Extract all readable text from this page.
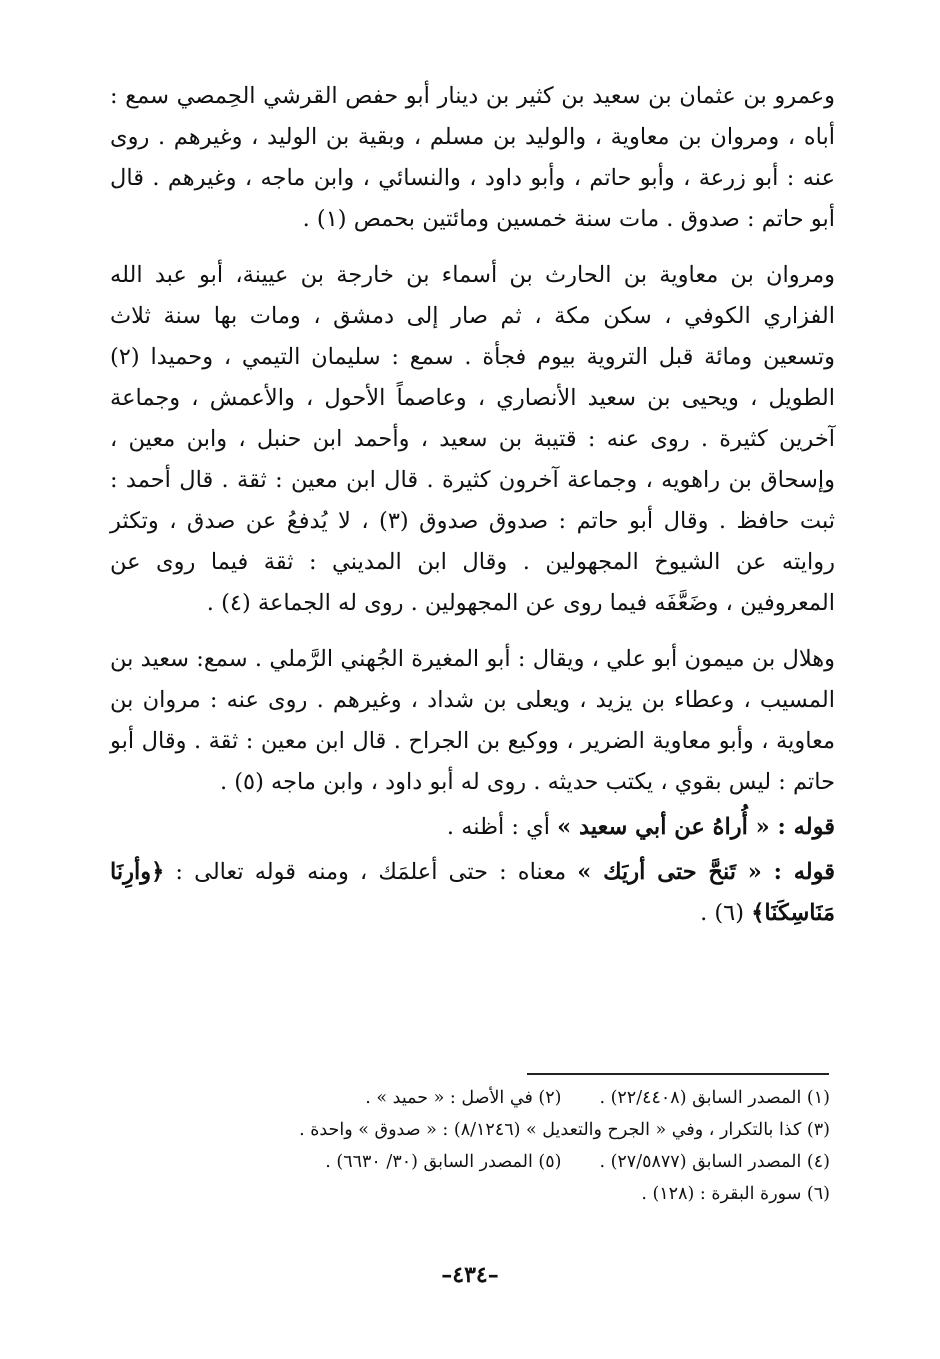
وعمرو بن عثمان بن سعيد بن كثير بن دينار أبو حفص القرشي الحِمصي سمع : أباه ، ومروان بن معاوية ، والوليد بن مسلم ، وبقية بن الوليد ، وغيرهم . روى عنه : أبو زرعة ، وأبو حاتم ، وأبو داود ، والنسائي ، وابن ماجه ، وغيرهم . قال أبو حاتم : صدوق . مات سنة خمسين ومائتين بحمص (١) .

ومروان بن معاوية بن الحارث بن أسماء بن خارجة بن عيينة، أبو عبد الله الفزاري الكوفي ، سكن مكة ، ثم صار إلى دمشق ، ومات بها سنة ثلاث وتسعين ومائة قبل التروية بيوم فجأة . سمع : سليمان التيمي ، وحميدا (٢) الطويل ، ويحيى بن سعيد الأنصاري ، وعاصماً الأحول ، والأعمش ، وجماعة آخرين كثيرة . روى عنه : قتيبة بن سعيد ، وأحمد ابن حنبل ، وابن معين ، وإسحاق بن راهويه ، وجماعة آخرون كثيرة . قال ابن معين : ثقة . قال أحمد : ثبت حافظ . وقال أبو حاتم : صدوق صدوق (٣) ، لا يُدفعُ عن صدق ، وتكثر روايته عن الشيوخ المجهولين . وقال ابن المديني : ثقة فيما روى عن المعروفين ، وضَعَّفَه فيما روى عن المجهولين . روى له الجماعة (٤) .

وهلال بن ميمون أبو علي ، ويقال : أبو المغيرة الجُهني الرَّملي . سمع: سعيد بن المسيب ، وعطاء بن يزيد ، ويعلى بن شداد ، وغيرهم . روى عنه : مروان بن معاوية ، وأبو معاوية الضرير ، ووكيع بن الجراح . قال ابن معين : ثقة . وقال أبو حاتم : ليس بقوي ، يكتب حديثه . روى له أبو داود ، وابن ماجه (٥) .

قوله : « أُراهُ عن أبي سعيد » أي : أظنه .

قوله : « تَنحَّ حتى أريَك » معناه : حتى أعلمَك ، ومنه قوله تعالى : ﴿وأرِنَا مَنَاسِكَنَا﴾ (٦) .

(١) المصدر السابق (٢٢/٤٤٠٨) .(٢) في الأصل : « حميد » .
(٣) كذا بالتكرار ، وفي « الجرح والتعديل » (٨/١٢٤٦) : « صدوق » واحدة .
(٤) المصدر السابق (٢٧/٥٨٧٧) .(٥) المصدر السابق (٣٠/ ٦٦٣٠) .
(٦) سورة البقرة : (١٢٨) .
–٤٣٤–
